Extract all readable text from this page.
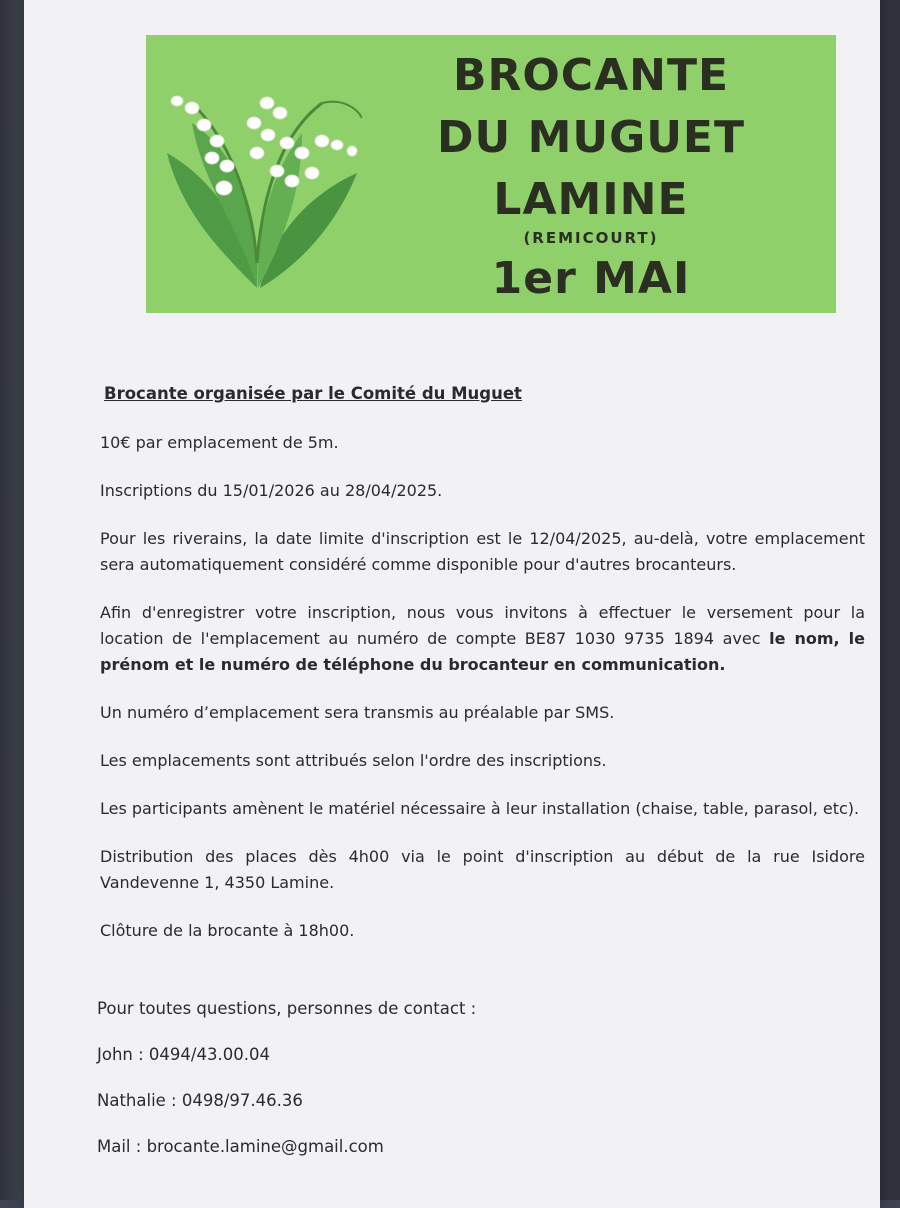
BROCANTE
DU MUGUET
LAMINE
(REMICOURT)
1er MAI

Brocante organisée par le Comité du Muguet

10€ par emplacement de 5m.

Inscriptions du 15/01/2026 au 28/04/2025.

Pour les riverains, la date limite d'inscription est le 12/04/2025, au-delà, votre emplacement sera automatiquement considéré comme disponible pour d'autres brocanteurs.

Afin d'enregistrer votre inscription, nous vous invitons à effectuer le versement pour la location de l'emplacement au numéro de compte BE87 1030 9735 1894 avec le nom, le prénom et le numéro de téléphone du brocanteur en communication.

Un numéro d’emplacement sera transmis au préalable par SMS.

Les emplacements sont attribués selon l'ordre des inscriptions.

Les participants amènent le matériel nécessaire à leur installation (chaise, table, parasol, etc).

Distribution des places dès 4h00 via le point d'inscription au début de la rue Isidore Vandevenne 1, 4350 Lamine.

Clôture de la brocante à 18h00.

Pour toutes questions, personnes de contact :
John : 0494/43.00.04
Nathalie : 0498/97.46.36
Mail : brocante.lamine@gmail.com
